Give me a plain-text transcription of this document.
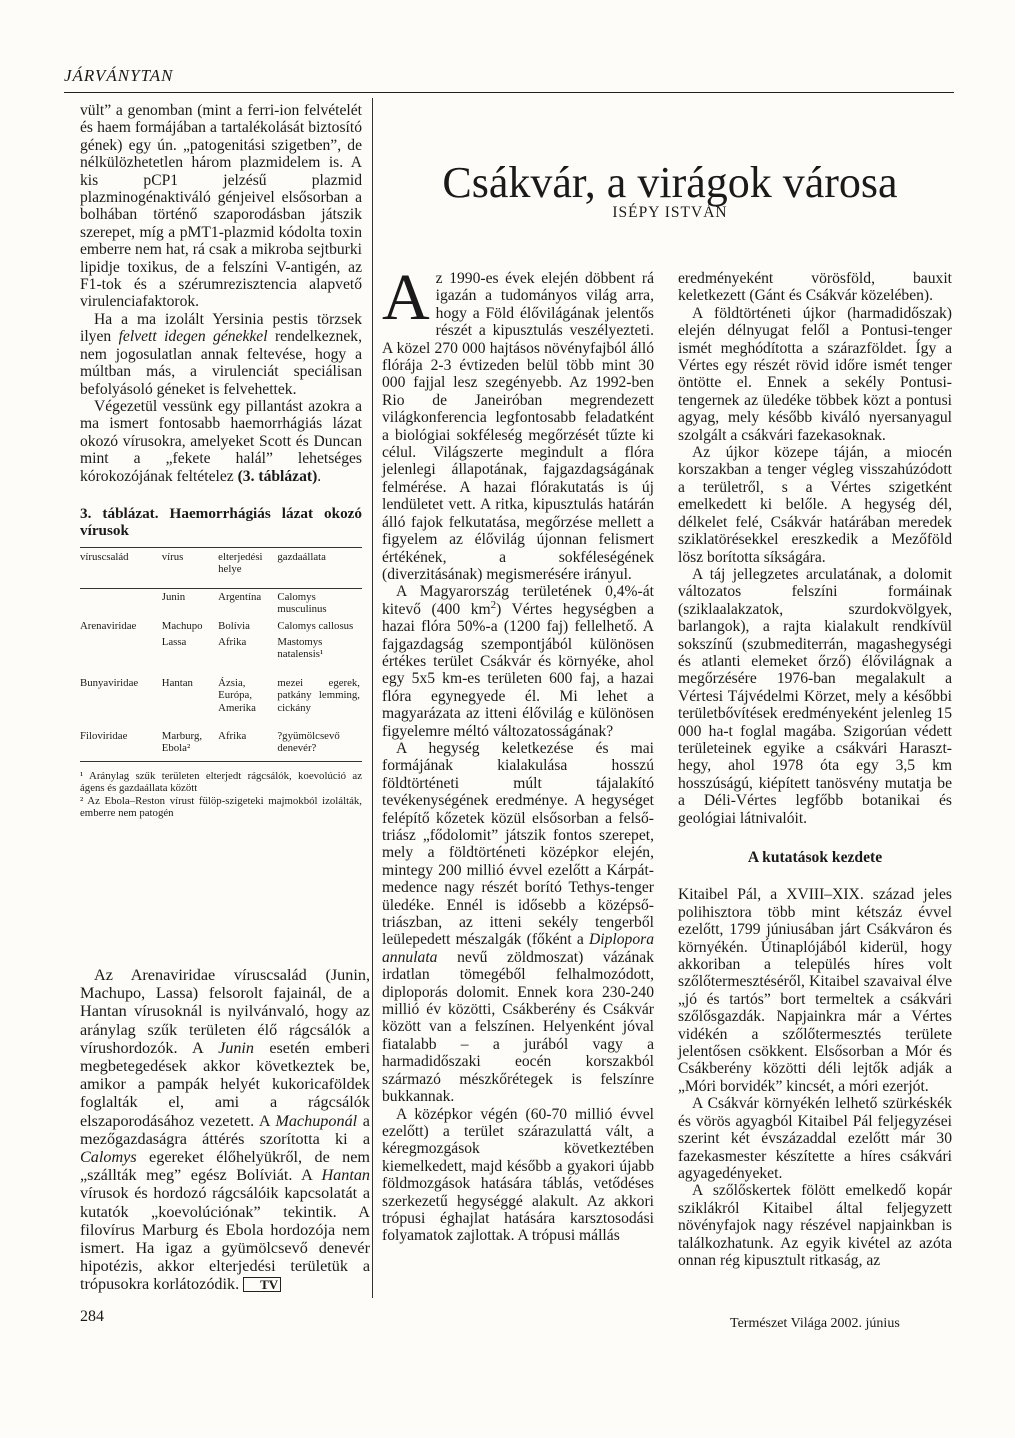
JÁRVÁNYTAN

vült” a genomban (mint a ferri-ion felvételét és haem formájában a tartalékolását biztosító gének) egy ún. „patogenitási szigetben”, de nélkülözhetetlen három plazmidelem is. A kis pCP1 jelzésű plazmid plazminogénaktiváló génjeivel elsősorban a bolhában történő szaporodásban játszik szerepet, míg a pMT1-plazmid kódolta toxin emberre nem hat, rá csak a mikroba sejtburki lipidje toxikus, de a felszíni V-antigén, az F1-tok és a szérumrezisztencia alapvető virulenciafaktorok.

Ha a ma izolált Yersinia pestis törzsek ilyen felvett idegen génekkel rendelkeznek, nem jogosulatlan annak feltevése, hogy a múltban más, a virulenciát speciálisan befolyásoló géneket is felvehettek.

Végezetül vessünk egy pillantást azokra a ma ismert fontosabb haemorrhágiás lázat okozó vírusokra, amelyeket Scott és Duncan mint a „fekete halál” lehetséges kórokozójának feltételez (3. táblázat).

3. táblázat. Haemorrhágiás lázat okozó vírusok
víruscsalád	vírus	elterjedési helye	gazdaállata
	Junin	Argentína	Calomys musculinus
Arenaviridae	Machupo	Bolívia	Calomys callosus
	Lassa	Afrika	Mastomys natalensis¹
Bunyaviridae	Hantan	Ázsia, Európa, Amerika	mezei egerek, patkány lemming, cickány
Filoviridae	Marburg, Ebola²	Afrika	?gyümölcsevő denevér?
¹ Aránylag szűk területen elterjedt rágcsálók, koevolúció az ágens és gazdaállata között
² Az Ebola–Reston vírust fülöp-szigeteki majmokból izolálták, emberre nem patogén

Az Arenaviridae víruscsalád (Junin, Machupo, Lassa) felsorolt fajainál, de a Hantan vírusoknál is nyilvánvaló, hogy az aránylag szűk területen élő rágcsálók a vírushordozók. A Junin esetén emberi megbetegedések akkor következtek be, amikor a pampák helyét kukoricaföldek foglalták el, ami a rágcsálók elszaporodásához vezetett. A Machuponál a mezőgazdaságra áttérés szorította ki a Calomys egereket élőhelyükről, de nem „szállták meg” egész Bolíviát. A Hantan vírusok és hordozó rágcsálóik kapcsolatát a kutatók „koevolúciónak” tekintik. A filovírus Marburg és Ebola hordozója nem ismert. Ha igaz a gyümölcsevő denevér hipotézis, akkor elterjedési területük a trópusokra korlátozódik. TV

Csákvár, a virágok városa
ISÉPY ISTVÁN

Az 1990-es évek elején döbbent rá igazán a tudományos világ arra, hogy a Föld élővilágának jelentős részét a kipusztulás veszélyezteti. A közel 270 000 hajtásos növényfajból álló flórája 2-3 évtizeden belül több mint 30 000 fajjal lesz szegényebb. Az 1992-ben Rio de Janeiróban megrendezett világkonferencia legfontosabb feladatként a biológiai sokféleség megőrzését tűzte ki célul. Világszerte megindult a flóra jelenlegi állapotának, fajgazdagságának felmérése. A hazai flórakutatás is új lendületet vett. A ritka, kipusztulás határán álló fajok felkutatása, megőrzése mellett a figyelem az élővilág újonnan felismert értékének, a sokféleségének (diverzitásának) megismerésére irányul.

A Magyarország területének 0,4%-át kitevő (400 $km^2$) Vértes hegységben a hazai flóra 50%-a (1200 faj) fellelhető. A fajgazdagság szempontjából különösen értékes terület Csákvár és környéke, ahol egy 5x5 km-es területen 600 faj, a hazai flóra egynegyede él. Mi lehet a magyarázata az itteni élővilág e különösen figyelemre méltó változatosságának?

A hegység keletkezése és mai formájának kialakulása hosszú földtörténeti múlt tájalakító tevékenységének eredménye. A hegységet felépítő kőzetek közül elsősorban a felső-triász „fődolomit” játszik fontos szerepet, mely a földtörténeti középkor elején, mintegy 200 millió évvel ezelőtt a Kárpát-medence nagy részét borító Tethys-tenger üledéke. Ennél is idősebb a középső-triászban, az itteni sekély tengerből leülepedett mészalgák (főként a Diplopora annulata nevű zöldmoszat) vázának irdatlan tömegéből felhalmozódott, diploporás dolomit. Ennek kora 230-240 millió év közötti, Csákberény és Csákvár között van a felszínen. Helyenként jóval fiatalabb – a jurából vagy a harmadidőszaki eocén korszakból származó mészkőrétegek is felszínre bukkannak.

A középkor végén (60-70 millió évvel ezelőtt) a terület szárazulattá vált, a kéregmozgások következtében kiemelkedett, majd később a gyakori újabb földmozgások hatására táblás, vetődéses szerkezetű hegységgé alakult. Az akkori trópusi éghajlat hatására karsztosodási folyamatok zajlottak. A trópusi mállás

eredményeként vörösföld, bauxit keletkezett (Gánt és Csákvár közelében).

A földtörténeti újkor (harmadidőszak) elején délnyugat felől a Pontusi-tenger ismét meghódította a szárazföldet. Így a Vértes egy részét rövid időre ismét tenger öntötte el. Ennek a sekély Pontusi-tengernek az üledéke többek közt a pontusi agyag, mely később kiváló nyersanyagul szolgált a csákvári fazekasoknak.

Az újkor közepe táján, a miocén korszakban a tenger végleg visszahúzódott a területről, s a Vértes szigetként emelkedett ki belőle. A hegység dél, délkelet felé, Csákvár határában meredek sziklatörésekkel ereszkedik a Mezőföld lösz borította síkságára.

A táj jellegzetes arculatának, a dolomit változatos felszíni formáinak (sziklaalakzatok, szurdokvölgyek, barlangok), a rajta kialakult rendkívül sokszínű (szubmediterrán, magashegységi és atlanti elemeket őrző) élővilágnak a megőrzésére 1976-ban megalakult a Vértesi Tájvédelmi Körzet, mely a későbbi területbővítések eredményeként jelenleg 15 000 ha-t foglal magába. Szigorúan védett területeinek egyike a csákvári Haraszt-hegy, ahol 1978 óta egy 3,5 km hosszúságú, kiépített tanösvény mutatja be a Déli-Vértes legfőbb botanikai és geológiai látnivalóit.

A kutatások kezdete

Kitaibel Pál, a XVIII–XIX. század jeles polihisztora több mint kétszáz évvel ezelőtt, 1799 júniusában járt Csákváron és környékén. Útinaplójából kiderül, hogy akkoriban a település híres volt szőlőtermesztéséről, Kitaibel szavaival élve „jó és tartós” bort termeltek a csákvári szőlősgazdák. Napjainkra már a Vértes vidékén a szőlőtermesztés területe jelentősen csökkent. Elsősorban a Mór és Csákberény közötti déli lejtők adják a „Móri borvidék” kincsét, a móri ezerjót.

A Csákvár környékén lelhető szürkéskék és vörös agyagból Kitaibel Pál feljegyzései szerint két évszázaddal ezelőtt már 30 fazekasmester készítette a híres csákvári agyagedényeket.

A szőlőskertek fölött emelkedő kopár sziklákról Kitaibel által feljegyzett növényfajok nagy részével napjainkban is találkozhatunk. Az egyik kivétel az azóta onnan rég kipusztult ritkaság, az

284	Természet Világa 2002. június
